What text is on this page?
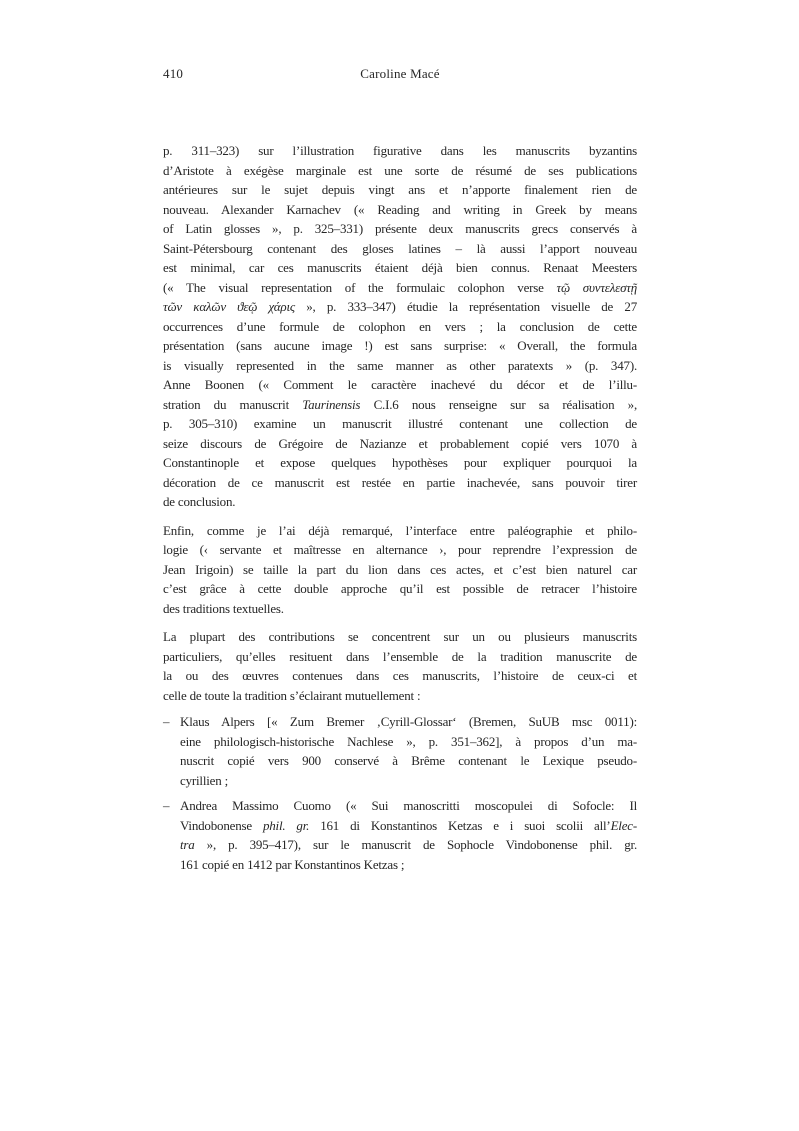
410	Caroline Macé
p. 311–323) sur l’illustration figurative dans les manuscrits byzantins
d’Aristote à exégèse marginale est une sorte de résumé de ses publications
antérieures sur le sujet depuis vingt ans et n’apporte finalement rien de
nouveau. Alexander Karnachev (« Reading and writing in Greek by means
of Latin glosses », p. 325–331) présente deux manuscrits grecs conservés à
Saint-Pétersbourg contenant des gloses latines – là aussi l’apport nouveau
est minimal, car ces manuscrits étaient déjà bien connus. Renaat Meesters
(« The visual representation of the formulaic colophon verse τῷ συντελεστῇ
τῶν καλῶν ϑεῷ χάρις », p. 333–347) étudie la représentation visuelle de 27
occurrences d’une formule de colophon en vers ; la conclusion de cette
présentation (sans aucune image !) est sans surprise: « Overall, the formula
is visually represented in the same manner as other paratexts » (p. 347).
Anne Boonen (« Comment le caractère inachevé du décor et de l’illu-
stration du manuscrit Taurinensis C.I.6 nous renseigne sur sa réalisation »,
p. 305–310) examine un manuscrit illustré contenant une collection de
seize discours de Grégoire de Nazianze et probablement copié vers 1070 à
Constantinople et expose quelques hypothèses pour expliquer pourquoi la
décoration de ce manuscrit est restée en partie inachevée, sans pouvoir tirer
de conclusion.
Enfin, comme je l’ai déjà remarqué, l’interface entre paléographie et philo-
logie (‹ servante et maîtresse en alternance ›, pour reprendre l’expression de
Jean Irigoin) se taille la part du lion dans ces actes, et c’est bien naturel car
c’est grâce à cette double approche qu’il est possible de retracer l’histoire
des traditions textuelles.
La plupart des contributions se concentrent sur un ou plusieurs manuscrits
particuliers, qu’elles resituent dans l’ensemble de la tradition manuscrite de
la ou des œuvres contenues dans ces manuscrits, l’histoire de ceux-ci et
celle de toute la tradition s’éclairant mutuellement :
– Klaus Alpers [« Zum Bremer ‚Cyrill-Glossar‘ (Bremen, SuUB msc 0011):
eine philologisch-historische Nachlese », p. 351–362], à propos d’un ma-
nuscrit copié vers 900 conservé à Brême contenant le Lexique pseudo-
cyrillien ;
– Andrea Massimo Cuomo (« Sui manoscritti moscopulei di Sofocle: Il
Vindobonense phil. gr. 161 di Konstantinos Ketzas e i suoi scolii all’Elec-
tra », p. 395–417), sur le manuscrit de Sophocle Vindobonense phil. gr.
161 copié en 1412 par Konstantinos Ketzas ;
